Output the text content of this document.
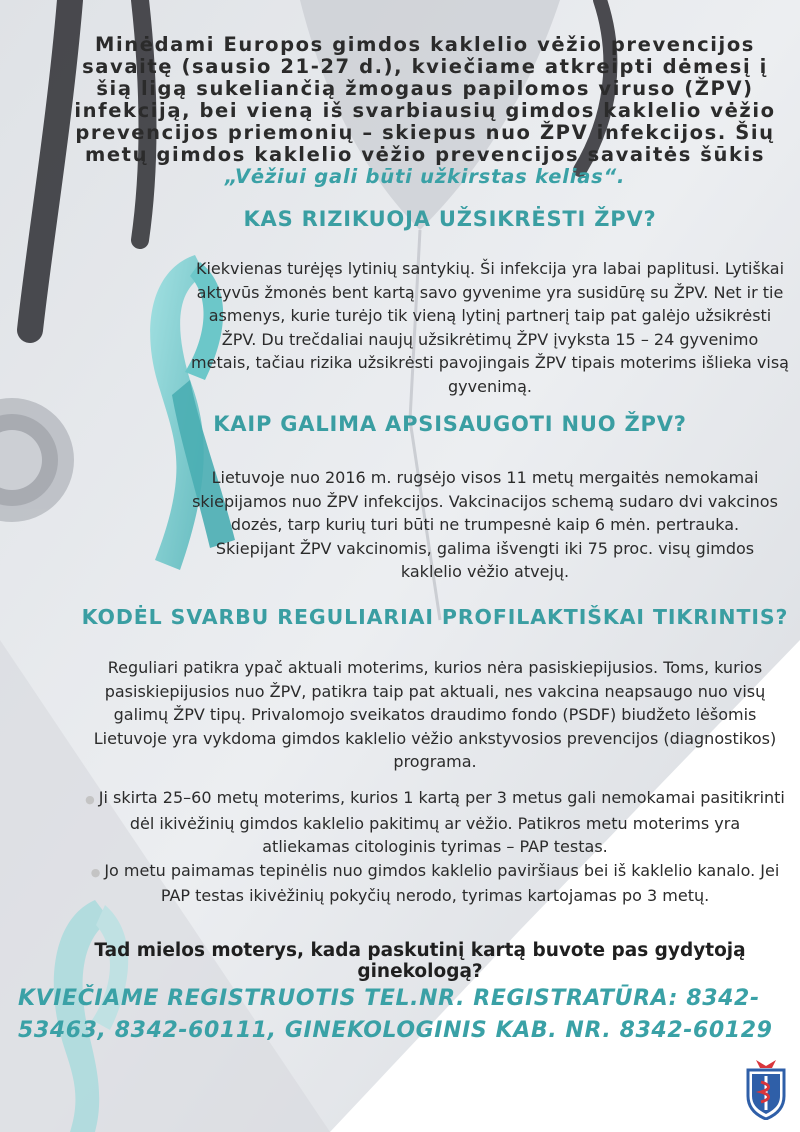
Minėdami Europos gimdos kaklelio vėžio prevencijos savaitę (sausio 21-27 d.), kviečiame atkreipti dėmesį į šią ligą sukeliančią žmogaus papilomos viruso (ŽPV) infekciją, bei vieną iš svarbiausių gimdos kaklelio vėžio prevencijos priemonių – skiepus nuo ŽPV infekcijos. Šių metų gimdos kaklelio vėžio prevencijos savaitės šūkis „Vėžiui gali būti užkirstas kelias“.
KAS RIZIKUOJA UŽSIKRĖSTI ŽPV?
Kiekvienas turėjęs lytinių santykių. Ši infekcija yra labai paplitusi. Lytiškai aktyvūs žmonės bent kartą savo gyvenime yra susidūrę su ŽPV. Net ir tie asmenys, kurie turėjo tik vieną lytinį partnerį taip pat galėjo užsikrėsti ŽPV. Du trečdaliai naujų užsikrėtimų ŽPV įvyksta 15 – 24 gyvenimo metais, tačiau rizika užsikrėsti pavojingais ŽPV tipais moterims išlieka visą gyvenimą.
KAIP GALIMA APSISAUGOTI NUO ŽPV?
Lietuvoje nuo 2016 m. rugsėjo visos 11 metų mergaitės nemokamai skiepijamos nuo ŽPV infekcijos. Vakcinacijos schemą sudaro dvi vakcinos dozės, tarp kurių turi būti ne trumpesnė kaip 6 mėn. pertrauka. Skiepijant ŽPV vakcinomis, galima išvengti iki 75 proc. visų gimdos kaklelio vėžio atvejų.
KODĖL SVARBU REGULIARIAI PROFILAKTIŠKAI TIKRINTIS?
Reguliari patikra ypač aktuali moterims, kurios nėra pasiskiepijusios. Toms, kurios pasiskiepijusios nuo ŽPV, patikra taip pat aktuali, nes vakcina neapsaugo nuo visų galimų ŽPV tipų. Privalomojo sveikatos draudimo fondo (PSDF) biudžeto lėšomis Lietuvoje yra vykdoma gimdos kaklelio vėžio ankstyvosios prevencijos (diagnostikos) programa.
● Ji skirta 25–60 metų moterims, kurios 1 kartą per 3 metus gali nemokamai pasitikrinti dėl ikivėžinių gimdos kaklelio pakitimų ar vėžio. Patikros metu moterims yra atliekamas citologinis tyrimas – PAP testas.
● Jo metu paimamas tepinėlis nuo gimdos kaklelio paviršiaus bei iš kaklelio kanalo. Jei PAP testas ikivėžinių pokyčių nerodo, tyrimas kartojamas po 3 metų.
Tad mielos moterys, kada paskutinį kartą buvote pas gydytoją ginekologą?
KVIEČIAME REGISTRUOTIS TEL.NR. REGISTRATŪRA: 8342-53463, 8342-60111, GINEKOLOGINIS KAB. NR. 8342-60129
